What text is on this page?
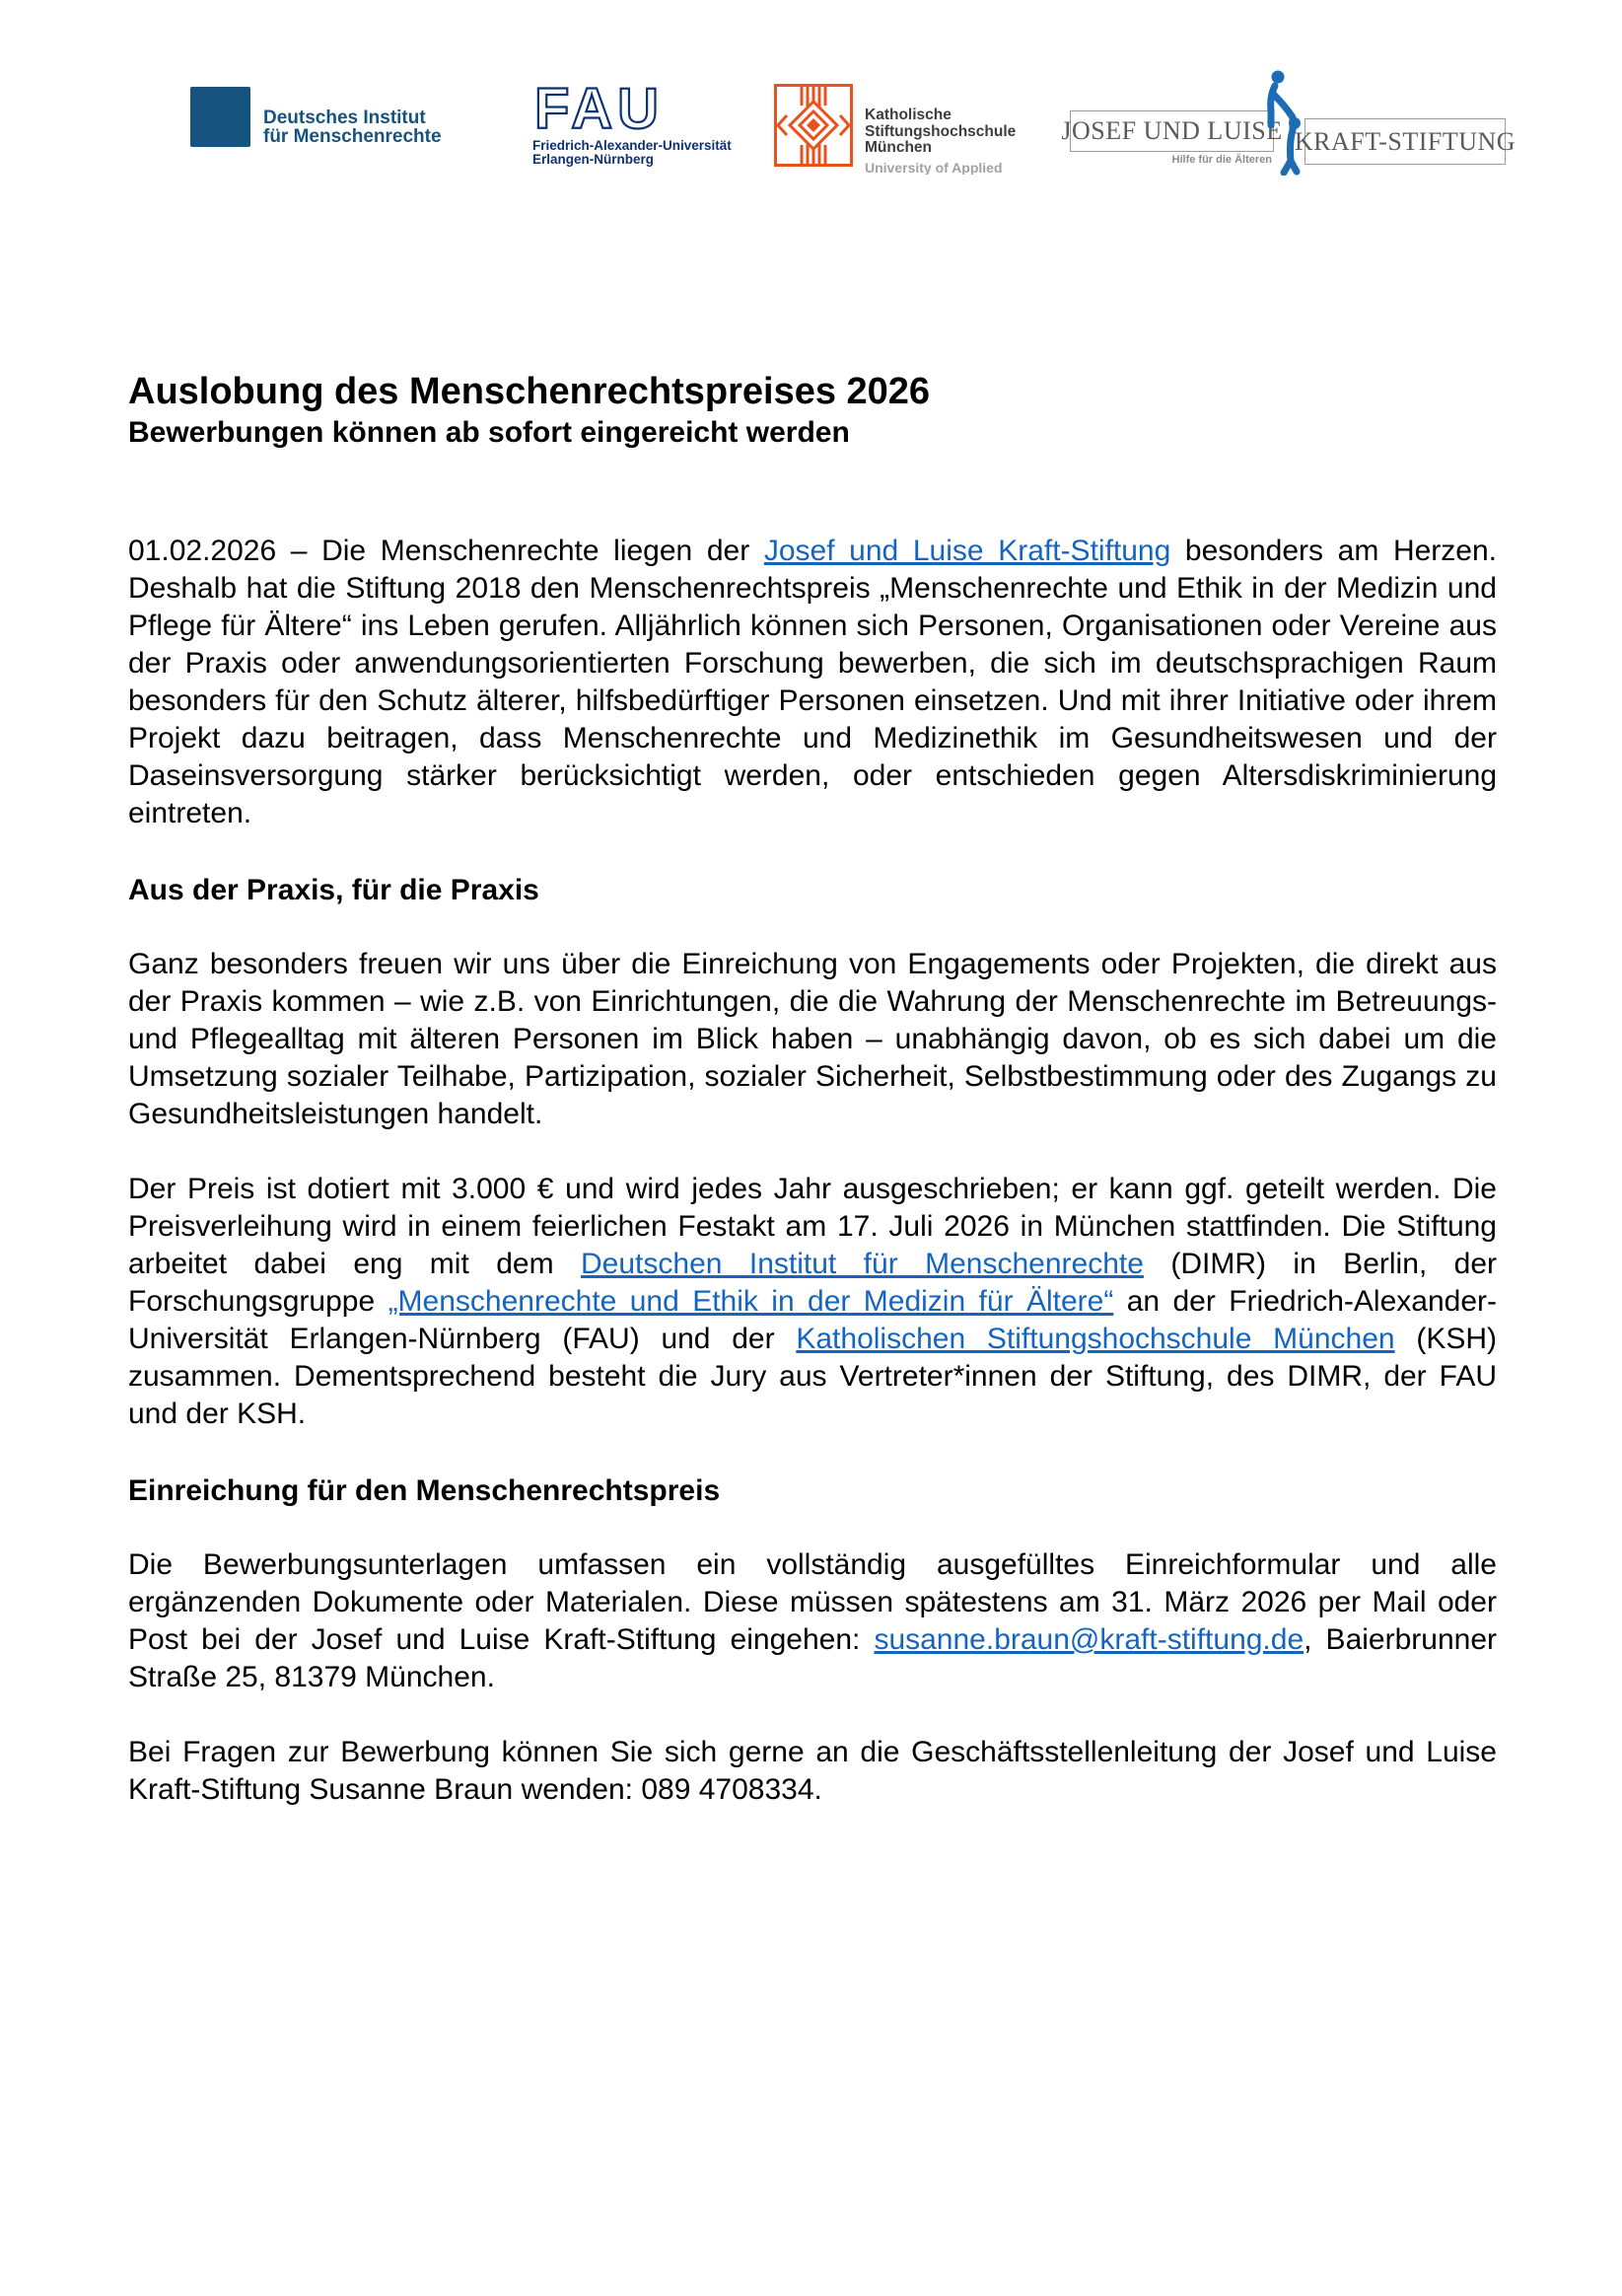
Deutsches Institut
für Menschenrechte FAU
Friedrich-Alexander-Universität
Erlangen-Nürnberg
Katholische
Stiftungshochschule
München
University of Applied
JOSEF UND LUISE
Hilfe für die Älteren
KRAFT-STIFTUNG
Auslobung des Menschenrechtspreises 2026
Bewerbungen können ab sofort eingereicht werden

01.02.2026 – Die Menschenrechte liegen der Josef und Luise Kraft-Stiftung besonders am Herzen. Deshalb hat die Stiftung 2018 den Menschenrechtspreis „Menschenrechte und Ethik in der Medizin und Pflege für Ältere“ ins Leben gerufen. Alljährlich können sich Personen, Organisationen oder Vereine aus der Praxis oder anwendungsorientierten Forschung bewerben, die sich im deutschsprachigen Raum besonders für den Schutz älterer, hilfsbedürftiger Personen einsetzen. Und mit ihrer Initiative oder ihrem Projekt dazu beitragen, dass Menschenrechte und Medizinethik im Gesundheitswesen und der Daseinsversorgung stärker berücksichtigt werden, oder entschieden gegen Altersdiskriminierung eintreten.

Aus der Praxis, für die Praxis

Ganz besonders freuen wir uns über die Einreichung von Engagements oder Projekten, die direkt aus der Praxis kommen – wie z.B. von Einrichtungen, die die Wahrung der Menschenrechte im Betreuungs- und Pflegealltag mit älteren Personen im Blick haben – unabhängig davon, ob es sich dabei um die Umsetzung sozialer Teilhabe, Partizipation, sozialer Sicherheit, Selbstbestimmung oder des Zugangs zu Gesundheitsleistungen handelt.

Der Preis ist dotiert mit 3.000 € und wird jedes Jahr ausgeschrieben; er kann ggf. geteilt werden. Die Preisverleihung wird in einem feierlichen Festakt am 17. Juli 2026 in München stattfinden. Die Stiftung arbeitet dabei eng mit dem Deutschen Institut für Menschenrechte (DIMR) in Berlin, der Forschungsgruppe „Menschenrechte und Ethik in der Medizin für Ältere“ an der Friedrich-Alexander-Universität Erlangen-Nürnberg (FAU) und der Katholischen Stiftungshochschule München (KSH) zusammen. Dementsprechend besteht die Jury aus Vertreter*innen der Stiftung, des DIMR, der FAU und der KSH.

Einreichung für den Menschenrechtspreis

Die Bewerbungsunterlagen umfassen ein vollständig ausgefülltes Einreichformular und alle ergänzenden Dokumente oder Materialen. Diese müssen spätestens am 31. März 2026 per Mail oder Post bei der Josef und Luise Kraft-Stiftung eingehen: susanne.braun@kraft-stiftung.de, Baierbrunner Straße 25, 81379 München.

Bei Fragen zur Bewerbung können Sie sich gerne an die Geschäftsstellenleitung der Josef und Luise Kraft-Stiftung Susanne Braun wenden: 089 4708334.
